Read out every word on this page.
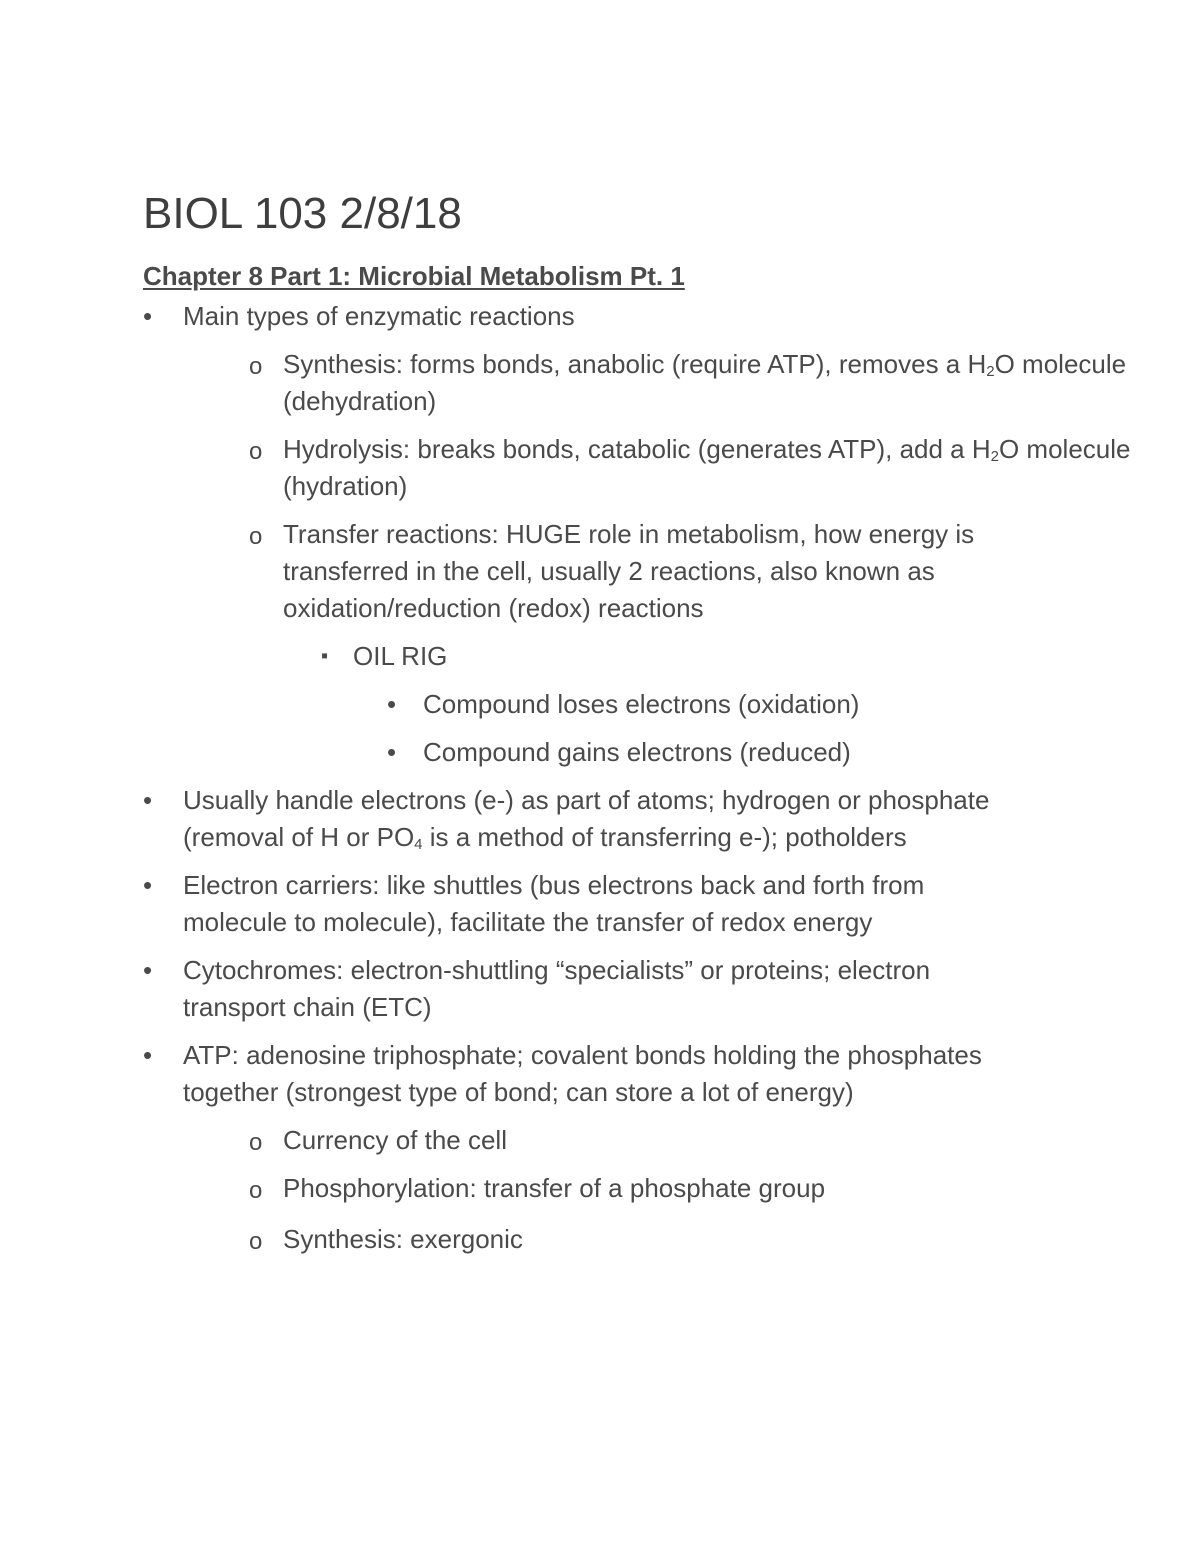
BIOL 103 2/8/18
Chapter 8 Part 1: Microbial Metabolism Pt. 1
• Main types of enzymatic reactions
o Synthesis: forms bonds, anabolic (require ATP), removes a $H_2O$ molecule (dehydration)
o Hydrolysis: breaks bonds, catabolic (generates ATP), add a $H_2O$ molecule (hydration)
o Transfer reactions: HUGE role in metabolism, how energy is transferred in the cell, usually 2 reactions, also known as oxidation/reduction (redox) reactions
▪ OIL RIG
• Compound loses electrons (oxidation)
• Compound gains electrons (reduced)
• Usually handle electrons (e-) as part of atoms; hydrogen or phosphate (removal of H or $PO_4$ is a method of transferring e-); potholders
• Electron carriers: like shuttles (bus electrons back and forth from molecule to molecule), facilitate the transfer of redox energy
• Cytochromes: electron-shuttling “specialists” or proteins; electron transport chain (ETC)
• ATP: adenosine triphosphate; covalent bonds holding the phosphates together (strongest type of bond; can store a lot of energy)
o Currency of the cell
o Phosphorylation: transfer of a phosphate group
o Synthesis: exergonic
